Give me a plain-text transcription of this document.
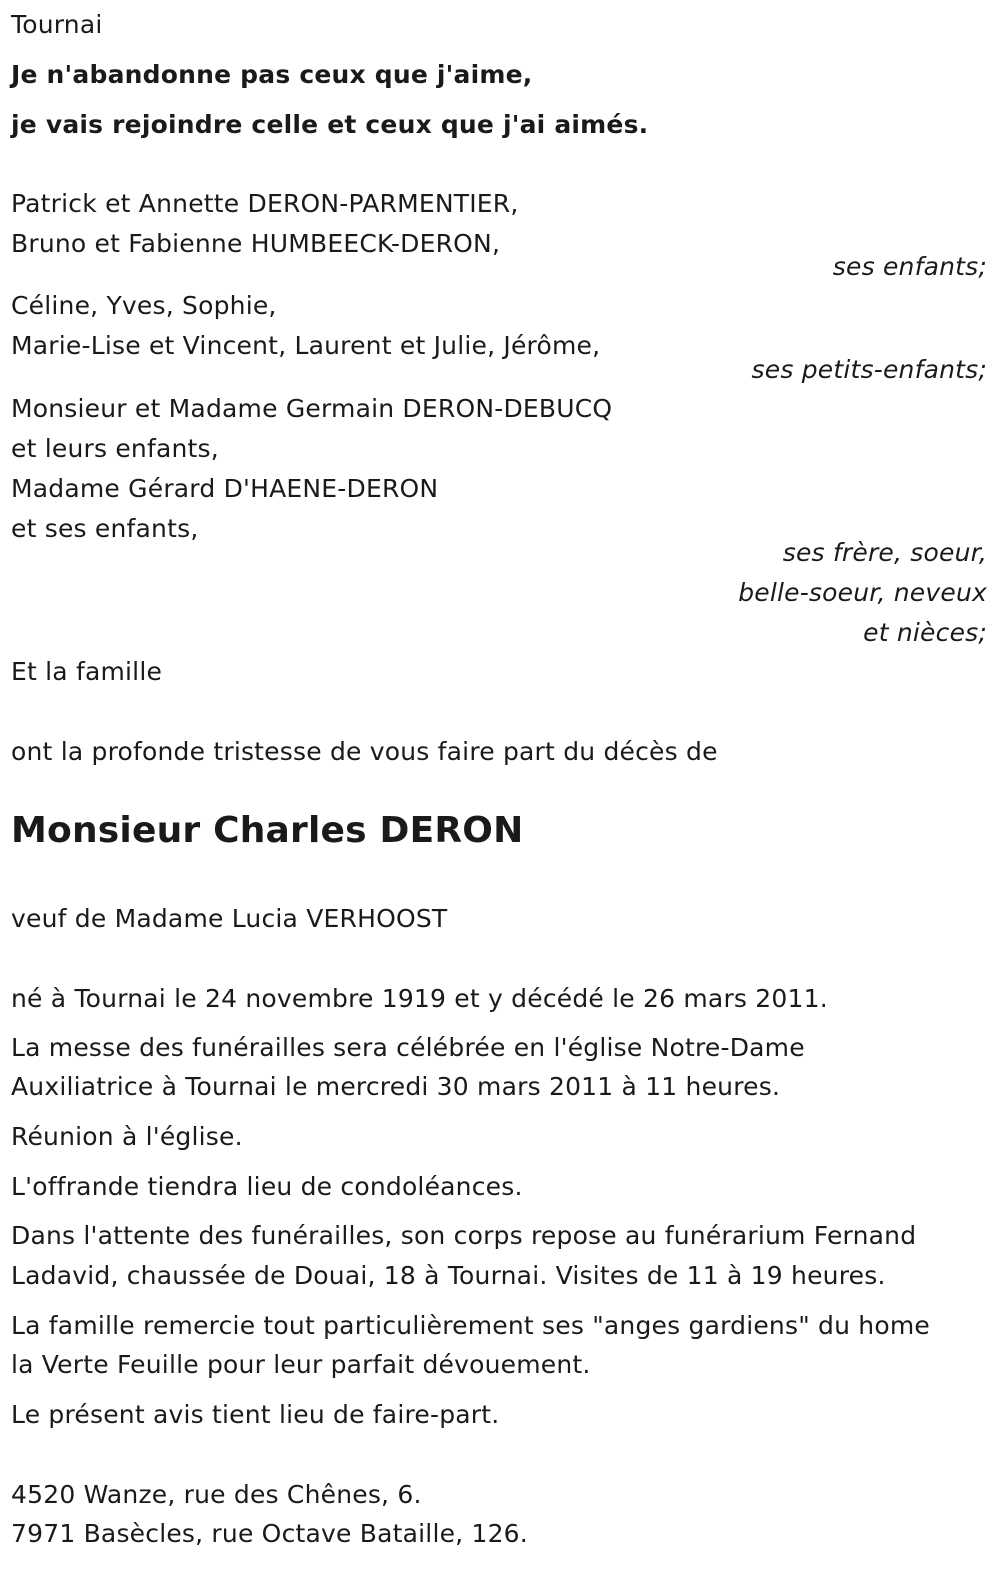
Tournai
Je n'abandonne pas ceux que j'aime,
je vais rejoindre celle et ceux que j'ai aimés.
Patrick et Annette DERON-PARMENTIER,
Bruno et Fabienne HUMBEECK-DERON,
ses enfants;
Céline, Yves, Sophie,
Marie-Lise et Vincent, Laurent et Julie, Jérôme,
ses petits-enfants;
Monsieur et Madame Germain DERON-DEBUCQ
et leurs enfants,
Madame Gérard D'HAENE-DERON
et ses enfants,
ses frère, soeur,
belle-soeur, neveux
et nièces;
Et la famille
ont la profonde tristesse de vous faire part du décès de
Monsieur Charles DERON
veuf de Madame Lucia VERHOOST
né à Tournai le 24 novembre 1919 et y décédé le 26 mars 2011.
La messe des funérailles sera célébrée en l'église Notre-Dame
Auxiliatrice à Tournai le mercredi 30 mars 2011 à 11 heures.
Réunion à l'église.
L'offrande tiendra lieu de condoléances.
Dans l'attente des funérailles, son corps repose au funérarium Fernand
Ladavid, chaussée de Douai, 18 à Tournai. Visites de 11 à 19 heures.
La famille remercie tout particulièrement ses "anges gardiens" du home
la Verte Feuille pour leur parfait dévouement.
Le présent avis tient lieu de faire-part.
4520 Wanze, rue des Chênes, 6.
7971 Basècles, rue Octave Bataille, 126.
